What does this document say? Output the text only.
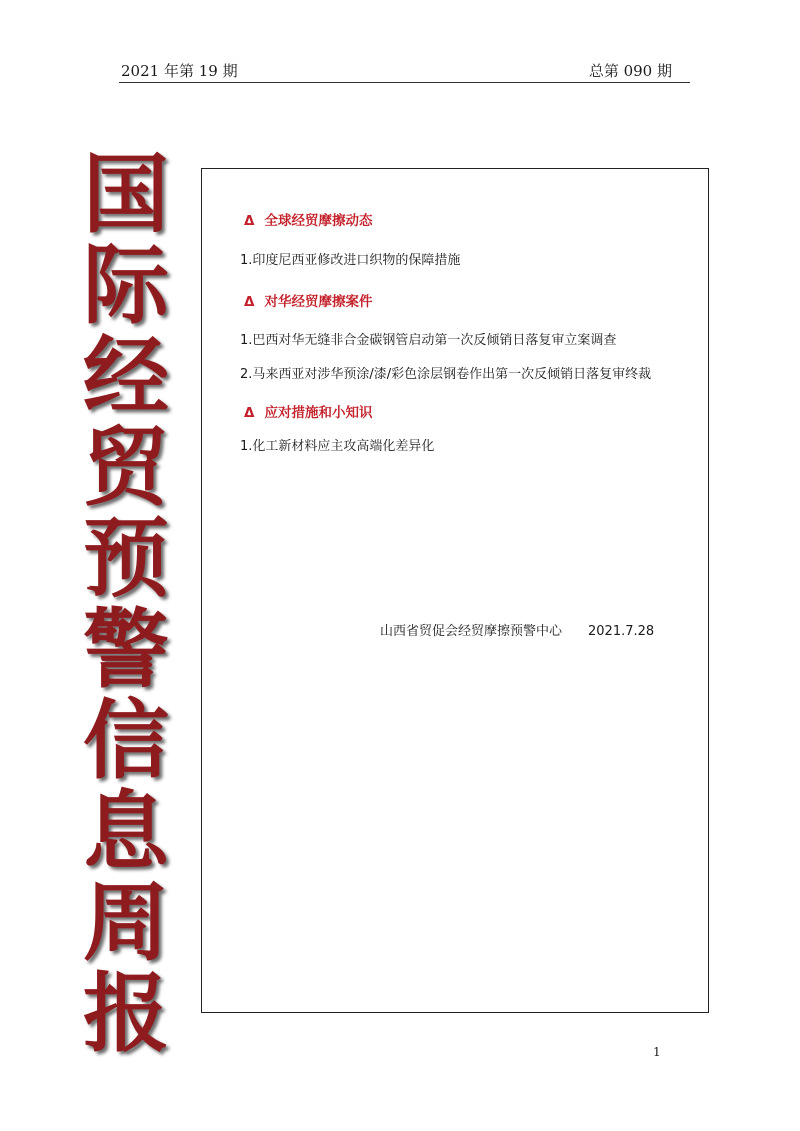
2021 年第 19 期	总第 090 期
国
际
经
贸
预
警
信
息
周
报
Δ 全球经贸摩擦动态
1.印度尼西亚修改进口织物的保障措施
Δ 对华经贸摩擦案件
1.巴西对华无缝非合金碳钢管启动第一次反倾销日落复审立案调查
2.马来西亚对涉华预涂/漆/彩色涂层钢卷作出第一次反倾销日落复审终裁
Δ 应对措施和小知识
1.化工新材料应主攻高端化差异化
山西省贸促会经贸摩擦预警中心 2021.7.28
1
